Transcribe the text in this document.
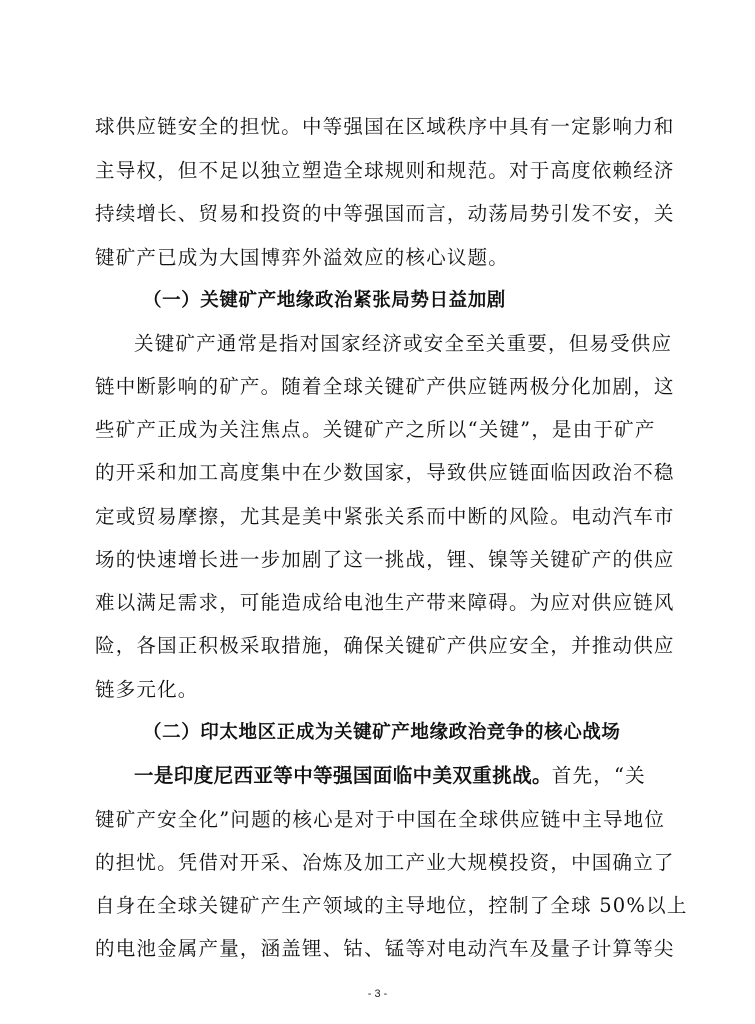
球供应链安全的担忧。中等强国在区域秩序中具有一定影响力和
主导权，但不足以独立塑造全球规则和规范。对于高度依赖经济
持续增长、贸易和投资的中等强国而言，动荡局势引发不安，关
键矿产已成为大国博弈外溢效应的核心议题。
（一）关键矿产地缘政治紧张局势日益加剧
关键矿产通常是指对国家经济或安全至关重要，但易受供应
链中断影响的矿产。随着全球关键矿产供应链两极分化加剧，这
些矿产正成为关注焦点。关键矿产之所以“关键”，是由于矿产
的开采和加工高度集中在少数国家，导致供应链面临因政治不稳
定或贸易摩擦，尤其是美中紧张关系而中断的风险。电动汽车市
场的快速增长进一步加剧了这一挑战，锂、镍等关键矿产的供应
难以满足需求，可能造成给电池生产带来障碍。为应对供应链风
险，各国正积极采取措施，确保关键矿产供应安全，并推动供应
链多元化。
（二）印太地区正成为关键矿产地缘政治竞争的核心战场
一是印度尼西亚等中等强国面临中美双重挑战。首先，“关
键矿产安全化”问题的核心是对于中国在全球供应链中主导地位
的担忧。凭借对开采、冶炼及加工产业大规模投资，中国确立了
自身在全球关键矿产生产领域的主导地位，控制了全球 50%以上
的电池金属产量，涵盖锂、钴、锰等对电动汽车及量子计算等尖
- 3 -
